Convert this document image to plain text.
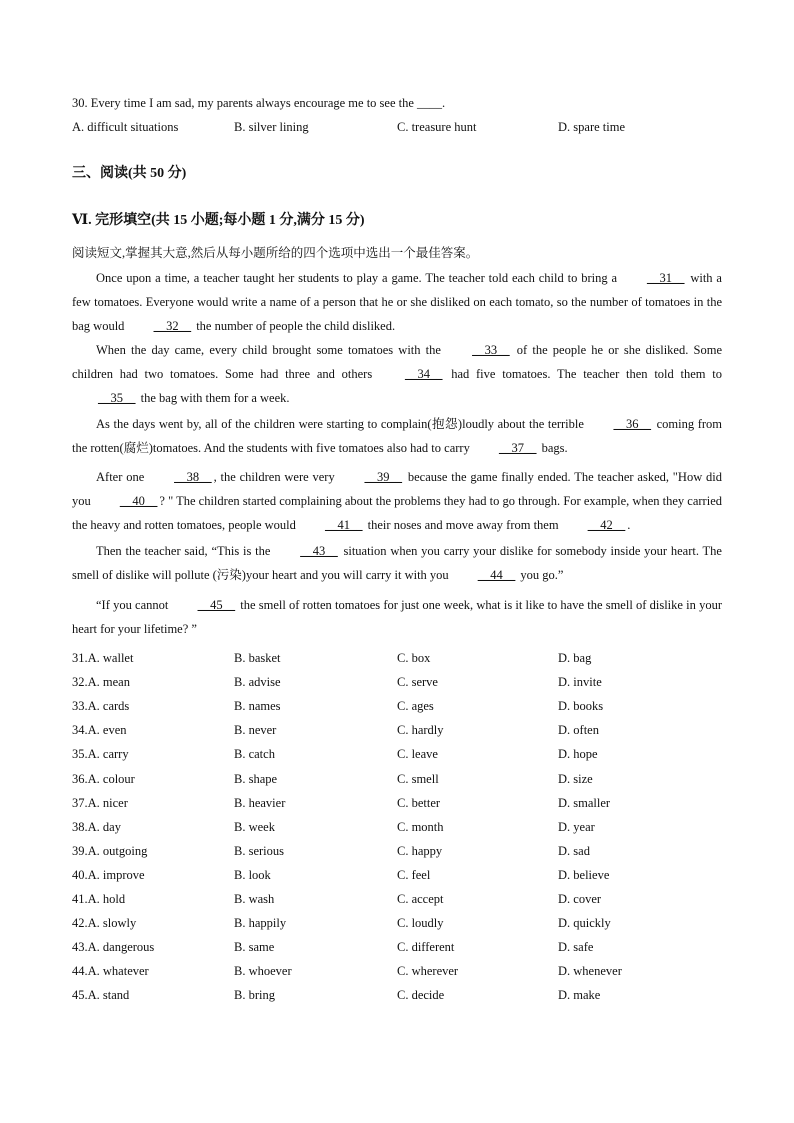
30. Every time I am sad, my parents always encourage me to see the ____.
A. difficult situations	B. silver lining	C. treasure hunt	D. spare time
三、阅读(共 50 分)
Ⅵ. 完形填空(共 15 小题;每小题 1 分,满分 15 分)
阅读短文,掌握其大意,然后从每小题所给的四个选项中选出一个最佳答案。
Once upon a time, a teacher taught her students to play a game. The teacher told each child to bring a __31__ with a few tomatoes. Everyone would write a name of a person that he or she disliked on each tomato, so the number of tomatoes in the bag would __32__ the number of people the child disliked.
When the day came, every child brought some tomatoes with the __33__ of the people he or she disliked. Some children had two tomatoes. Some had three and others __34__ had five tomatoes. The teacher then told them to __35__ the bag with them for a week.
As the days went by, all of the children were starting to complain(抱怨)loudly about the terrible __36__ coming from the rotten(腐烂)tomatoes. And the students with five tomatoes also had to carry __37__ bags.
After one __38__ , the children were very __39__ because the game finally ended. The teacher asked, "How did you __40__ ? " The children started complaining about the problems they had to go through. For example, when they carried the heavy and rotten tomatoes, people would __41__ their noses and move away from them __42__ .
Then the teacher said, “This is the __43__ situation when you carry your dislike for somebody inside your heart. The smell of dislike will pollute (污染)your heart and you will carry it with you __44__ you go.”
“If you cannot __45__ the smell of rotten tomatoes for just one week, what is it like to have the smell of dislike in your heart for your lifetime? ”
31.A. wallet	B. basket	C. box	D. bag
32.A. mean	B. advise	C. serve	D. invite
33.A. cards	B. names	C. ages	D. books
34.A. even	B. never	C. hardly	D. often
35.A. carry	B. catch	C. leave	D. hope
36.A. colour	B. shape	C. smell	D. size
37.A. nicer	B. heavier	C. better	D. smaller
38.A. day	B. week	C. month	D. year
39.A. outgoing	B. serious	C. happy	D. sad
40.A. improve	B. look	C. feel	D. believe
41.A. hold	B. wash	C. accept	D. cover
42.A. slowly	B. happily	C. loudly	D. quickly
43.A. dangerous	B. same	C. different	D. safe
44.A. whatever	B. whoever	C. wherever	D. whenever
45.A. stand	B. bring	C. decide	D. make
